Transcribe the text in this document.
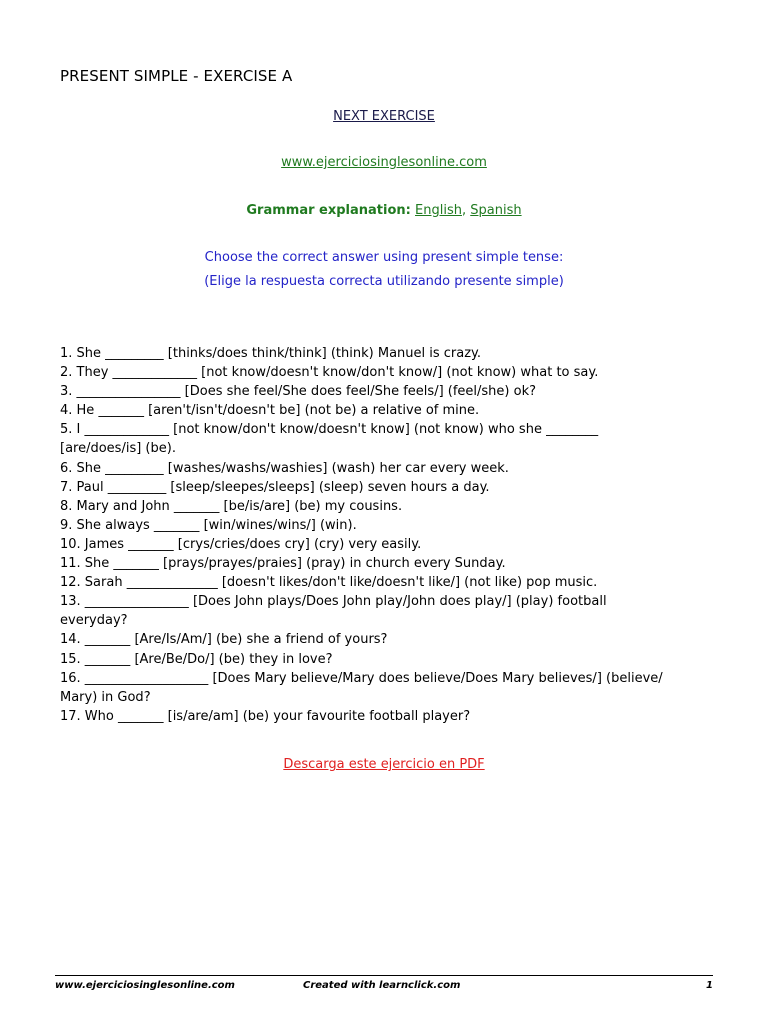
PRESENT SIMPLE - EXERCISE A
NEXT EXERCISE
www.ejerciciosinglesonline.com
Grammar explanation: English, Spanish
Choose the correct answer using present simple tense:
(Elige la respuesta correcta utilizando presente simple)
1. She _________ [thinks/does think/think] (think) Manuel is crazy.
2. They _____________ [not know/doesn't know/don't know/] (not know) what to say.
3. ________________ [Does she feel/She does feel/She feels/] (feel/she) ok?
4. He _______ [aren't/isn't/doesn't be] (not be) a relative of mine.
5. I _____________ [not know/don't know/doesn't know] (not know) who she ________
[are/does/is] (be).
6. She _________ [washes/washs/washies] (wash) her car every week.
7. Paul _________ [sleep/sleepes/sleeps] (sleep) seven hours a day.
8. Mary and John _______ [be/is/are] (be) my cousins.
9. She always _______ [win/wines/wins/] (win).
10. James _______ [crys/cries/does cry] (cry) very easily.
11. She _______ [prays/prayes/praies] (pray) in church every Sunday.
12. Sarah ______________ [doesn't likes/don't like/doesn't like/] (not like) pop music.
13. ________________ [Does John plays/Does John play/John does play/] (play) football
everyday?
14. _______ [Are/Is/Am/] (be) she a friend of yours?
15. _______ [Are/Be/Do/] (be) they in love?
16. ___________________ [Does Mary believe/Mary does believe/Does Mary believes/] (believe/
Mary) in God?
17. Who _______ [is/are/am] (be) your favourite football player?
Descarga este ejercicio en PDF
www.ejerciciosinglesonline.com	Created with learnclick.com	1
